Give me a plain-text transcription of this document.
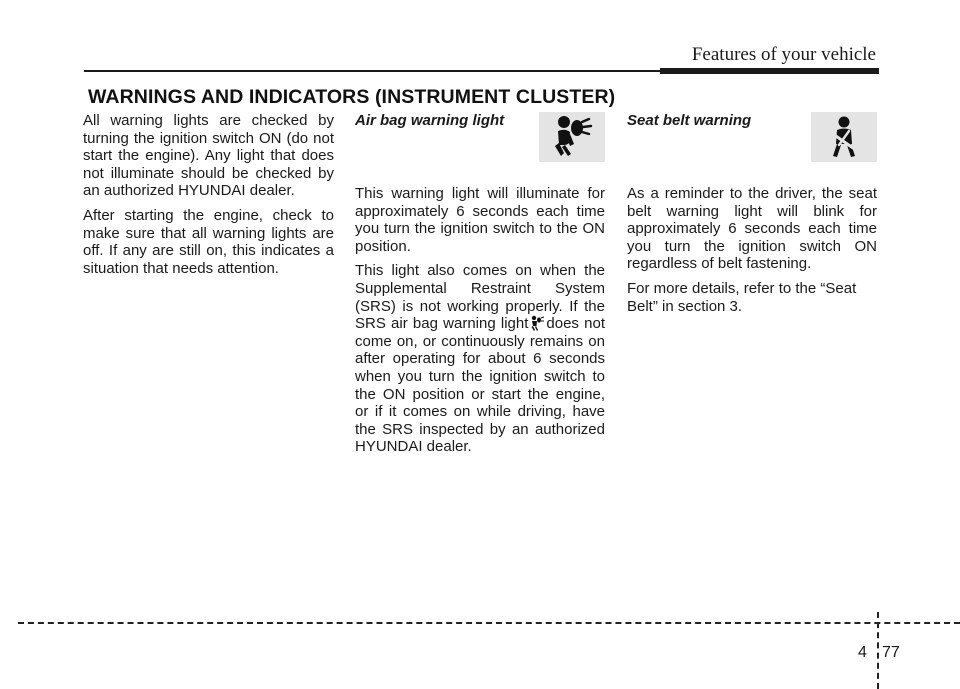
Features of your vehicle
WARNINGS AND INDICATORS (INSTRUMENT CLUSTER)

All warning lights are checked by turning the ignition switch ON (do not start the engine). Any light that does not illuminate should be checked by an authorized HYUNDAI dealer.

After starting the engine, check to make sure that all warning lights are off. If any are still on, this indicates a situation that needs attention.

Air bag warning light

This warning light will illuminate for approximately 6 seconds each time you turn the ignition switch to the ON position.

This light also comes on when the Supplemental Restraint System (SRS) is not working properly. If the SRS air bag warning light does not come on, or continuously remains on after operating for about 6 seconds when you turn the ignition switch to the ON position or start the engine, or if it comes on while driving, have the SRS inspected by an authorized HYUNDAI dealer.

Seat belt warning

As a reminder to the driver, the seat belt warning light will blink for approximately 6 seconds each time you turn the ignition switch ON regardless of belt fastening.

For more details, refer to the “Seat Belt” in section 3.

4 77
